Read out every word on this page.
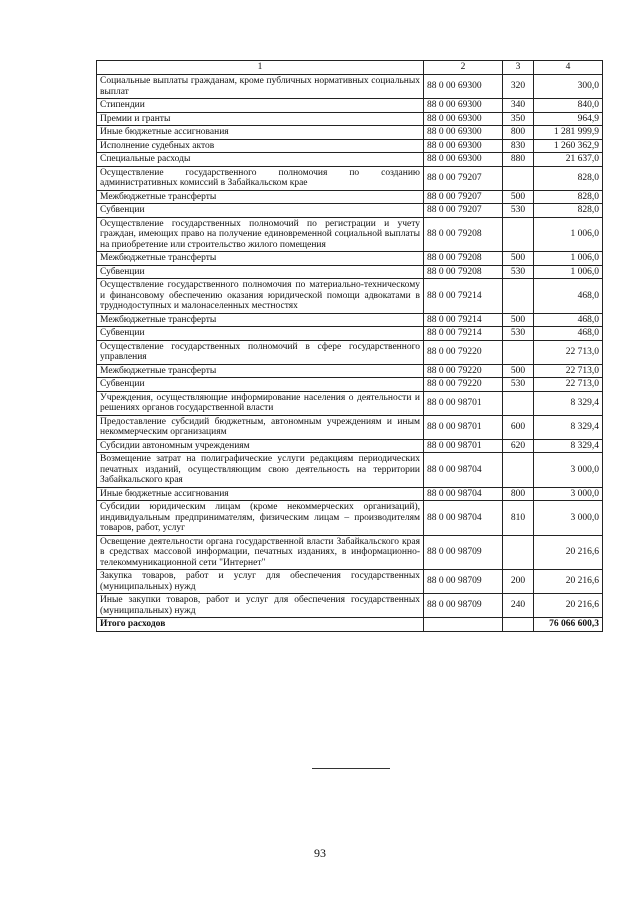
1	2	3	4
Социальные выплаты гражданам, кроме публичных нормативных социальных выплат	88 0 00 69300	320	300,0
Стипендии	88 0 00 69300	340	840,0
Премии и гранты	88 0 00 69300	350	964,9
Иные бюджетные ассигнования	88 0 00 69300	800	1 281 999,9
Исполнение судебных актов	88 0 00 69300	830	1 260 362,9
Специальные расходы	88 0 00 69300	880	21 637,0
Осуществление государственного полномочия по созданию административных комиссий в Забайкальском крае	88 0 00 79207		828,0
Межбюджетные трансферты	88 0 00 79207	500	828,0
Субвенции	88 0 00 79207	530	828,0
Осуществление государственных полномочий по регистрации и учету граждан, имеющих право на получение единовременной социальной выплаты на приобретение или строительство жилого помещения	88 0 00 79208		1 006,0
Межбюджетные трансферты	88 0 00 79208	500	1 006,0
Субвенции	88 0 00 79208	530	1 006,0
Осуществление государственного полномочия по материально-техническому и финансовому обеспечению оказания юридической помощи адвокатами в труднодоступных и малонаселенных местностях	88 0 00 79214		468,0
Межбюджетные трансферты	88 0 00 79214	500	468,0
Субвенции	88 0 00 79214	530	468,0
Осуществление государственных полномочий в сфере государственного управления	88 0 00 79220		22 713,0
Межбюджетные трансферты	88 0 00 79220	500	22 713,0
Субвенции	88 0 00 79220	530	22 713,0
Учреждения, осуществляющие информирование населения о деятельности и решениях органов государственной власти	88 0 00 98701		8 329,4
Предоставление субсидий бюджетным, автономным учреждениям и иным некоммерческим организациям	88 0 00 98701	600	8 329,4
Субсидии автономным учреждениям	88 0 00 98701	620	8 329,4
Возмещение затрат на полиграфические услуги редакциям периодических печатных изданий, осуществляющим свою деятельность на территории Забайкальского края	88 0 00 98704		3 000,0
Иные бюджетные ассигнования	88 0 00 98704	800	3 000,0
Субсидии юридическим лицам (кроме некоммерческих организаций), индивидуальным предпринимателям, физическим лицам – производителям товаров, работ, услуг	88 0 00 98704	810	3 000,0
Освещение деятельности органа государственной власти Забайкальского края в средствах массовой информации, печатных изданиях, в информационно-телекоммуникационной сети "Интернет"	88 0 00 98709		20 216,6
Закупка товаров, работ и услуг для обеспечения государственных (муниципальных) нужд	88 0 00 98709	200	20 216,6
Иные закупки товаров, работ и услуг для обеспечения государственных (муниципальных) нужд	88 0 00 98709	240	20 216,6
Итого расходов			76 066 600,3
93
